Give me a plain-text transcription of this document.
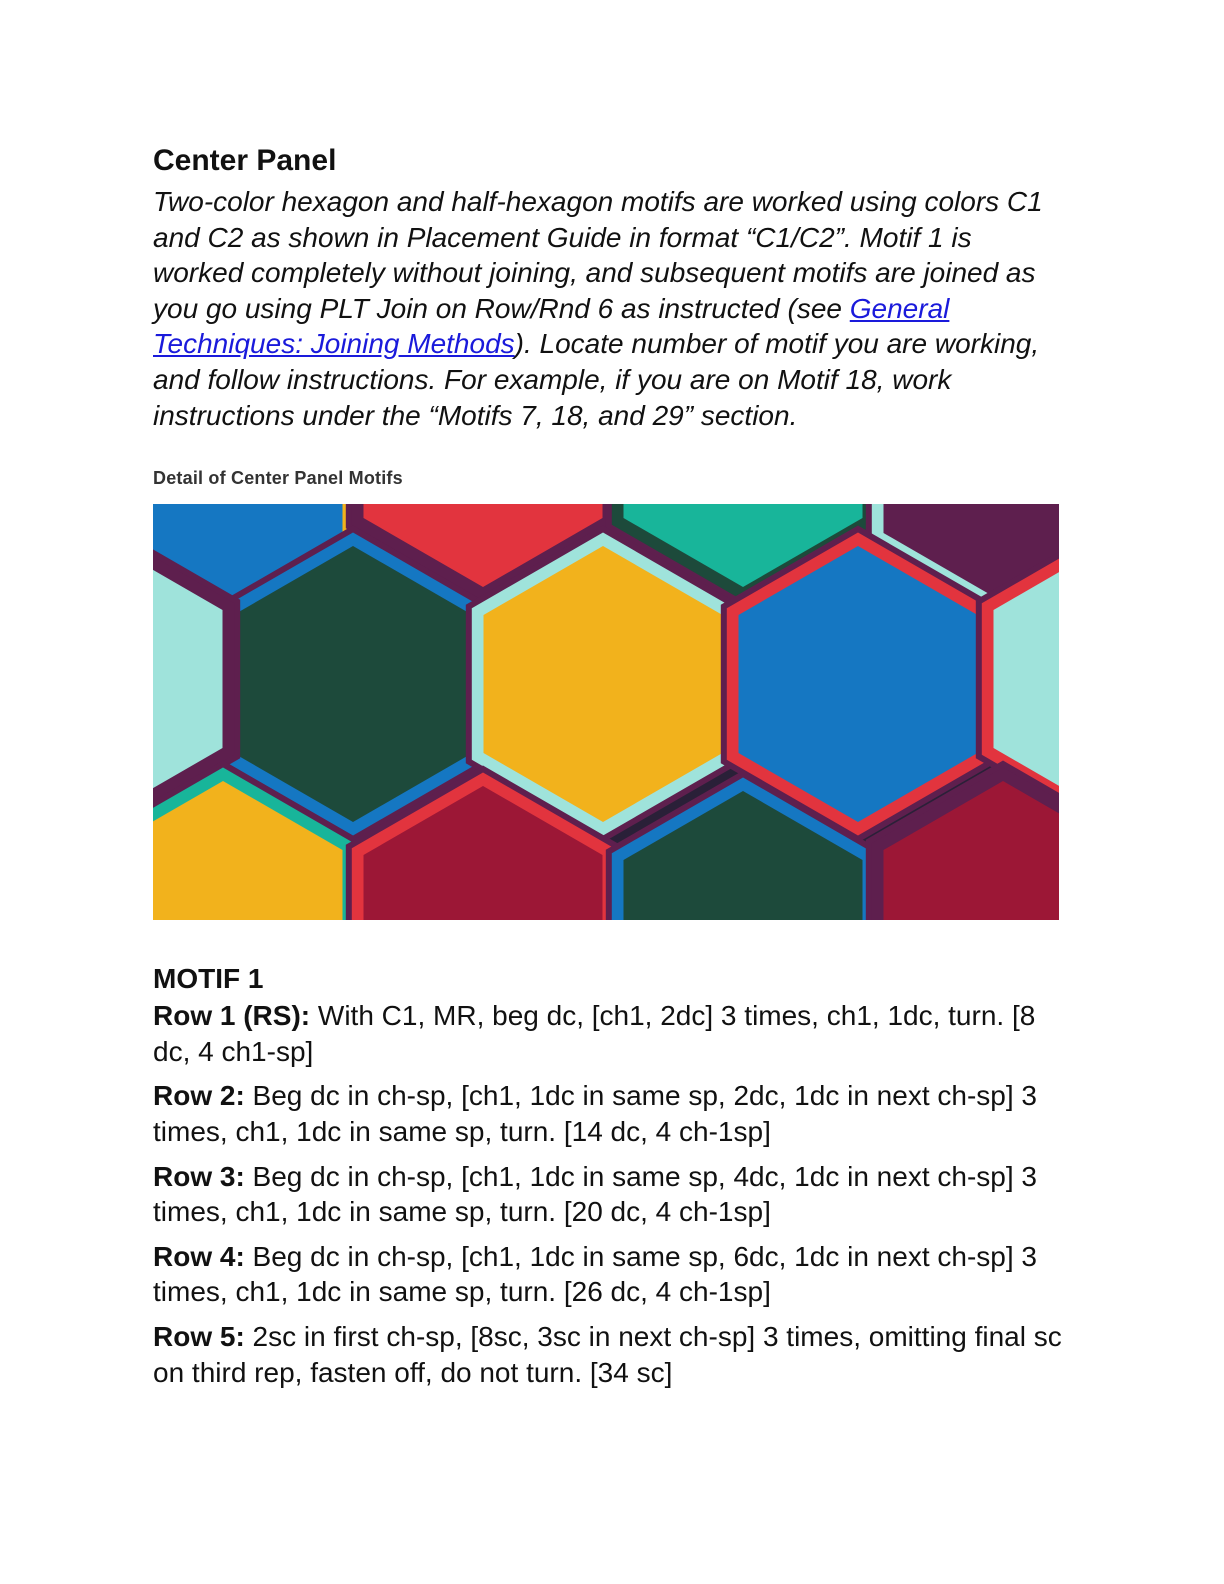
Center Panel

Two-color hexagon and half-hexagon motifs are worked using colors C1 and C2 as shown in Placement Guide in format “C1/C2”. Motif 1 is worked completely without joining, and subsequent motifs are joined as you go using PLT Join on Row/Rnd 6 as instructed (see General Techniques: Joining Methods). Locate number of motif you are working, and follow instructions. For example, if you are on Motif 18, work instructions under the “Motifs 7, 18, and 29” section.

Detail of Center Panel Motifs
MOTIF 1

Row 1 (RS): With C1, MR, beg dc, [ch1, 2dc] 3 times, ch1, 1dc, turn. [8 dc, 4 ch1-sp]

Row 2: Beg dc in ch-sp, [ch1, 1dc in same sp, 2dc, 1dc in next ch-sp] 3 times, ch1, 1dc in same sp, turn. [14 dc, 4 ch-1sp]

Row 3: Beg dc in ch-sp, [ch1, 1dc in same sp, 4dc, 1dc in next ch-sp] 3 times, ch1, 1dc in same sp, turn. [20 dc, 4 ch-1sp]

Row 4: Beg dc in ch-sp, [ch1, 1dc in same sp, 6dc, 1dc in next ch-sp] 3 times, ch1, 1dc in same sp, turn. [26 dc, 4 ch-1sp]

Row 5: 2sc in first ch-sp, [8sc, 3sc in next ch-sp] 3 times, omitting final sc on third rep, fasten off, do not turn. [34 sc]
